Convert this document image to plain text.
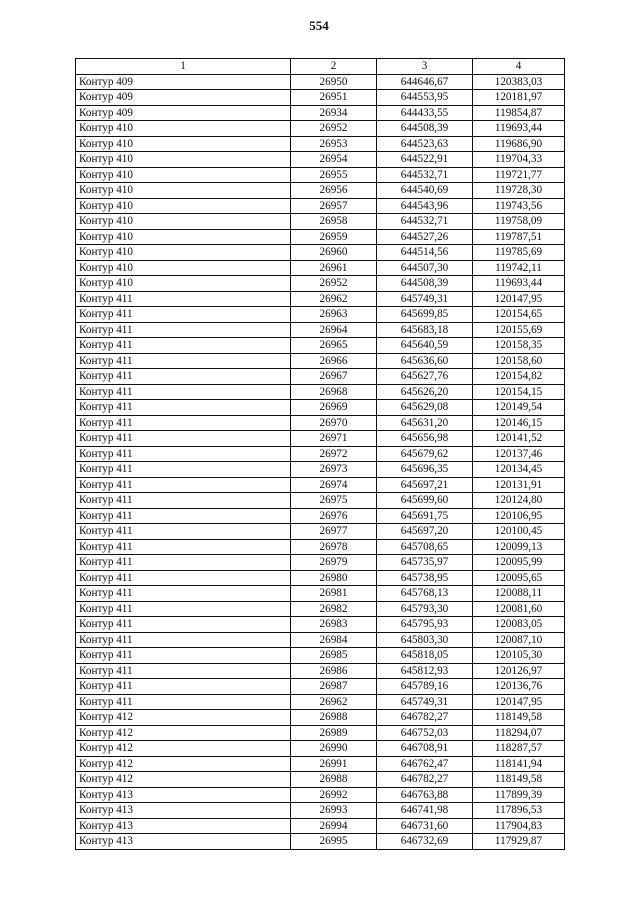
554
1	2	3	4
Контур 409	26950	644646,67	120383,03
Контур 409	26951	644553,95	120181,97
Контур 409	26934	644433,55	119854,87
Контур 410	26952	644508,39	119693,44
Контур 410	26953	644523,63	119686,90
Контур 410	26954	644522,91	119704,33
Контур 410	26955	644532,71	119721,77
Контур 410	26956	644540,69	119728,30
Контур 410	26957	644543,96	119743,56
Контур 410	26958	644532,71	119758,09
Контур 410	26959	644527,26	119787,51
Контур 410	26960	644514,56	119785,69
Контур 410	26961	644507,30	119742,11
Контур 410	26952	644508,39	119693,44
Контур 411	26962	645749,31	120147,95
Контур 411	26963	645699,85	120154,65
Контур 411	26964	645683,18	120155,69
Контур 411	26965	645640,59	120158,35
Контур 411	26966	645636,60	120158,60
Контур 411	26967	645627,76	120154,82
Контур 411	26968	645626,20	120154,15
Контур 411	26969	645629,08	120149,54
Контур 411	26970	645631,20	120146,15
Контур 411	26971	645656,98	120141,52
Контур 411	26972	645679,62	120137,46
Контур 411	26973	645696,35	120134,45
Контур 411	26974	645697,21	120131,91
Контур 411	26975	645699,60	120124,80
Контур 411	26976	645691,75	120106,95
Контур 411	26977	645697,20	120100,45
Контур 411	26978	645708,65	120099,13
Контур 411	26979	645735,97	120095,99
Контур 411	26980	645738,95	120095,65
Контур 411	26981	645768,13	120088,11
Контур 411	26982	645793,30	120081,60
Контур 411	26983	645795,93	120083,05
Контур 411	26984	645803,30	120087,10
Контур 411	26985	645818,05	120105,30
Контур 411	26986	645812,93	120126,97
Контур 411	26987	645789,16	120136,76
Контур 411	26962	645749,31	120147,95
Контур 412	26988	646782,27	118149,58
Контур 412	26989	646752,03	118294,07
Контур 412	26990	646708,91	118287,57
Контур 412	26991	646762,47	118141,94
Контур 412	26988	646782,27	118149,58
Контур 413	26992	646763,88	117899,39
Контур 413	26993	646741,98	117896,53
Контур 413	26994	646731,60	117904,83
Контур 413	26995	646732,69	117929,87
